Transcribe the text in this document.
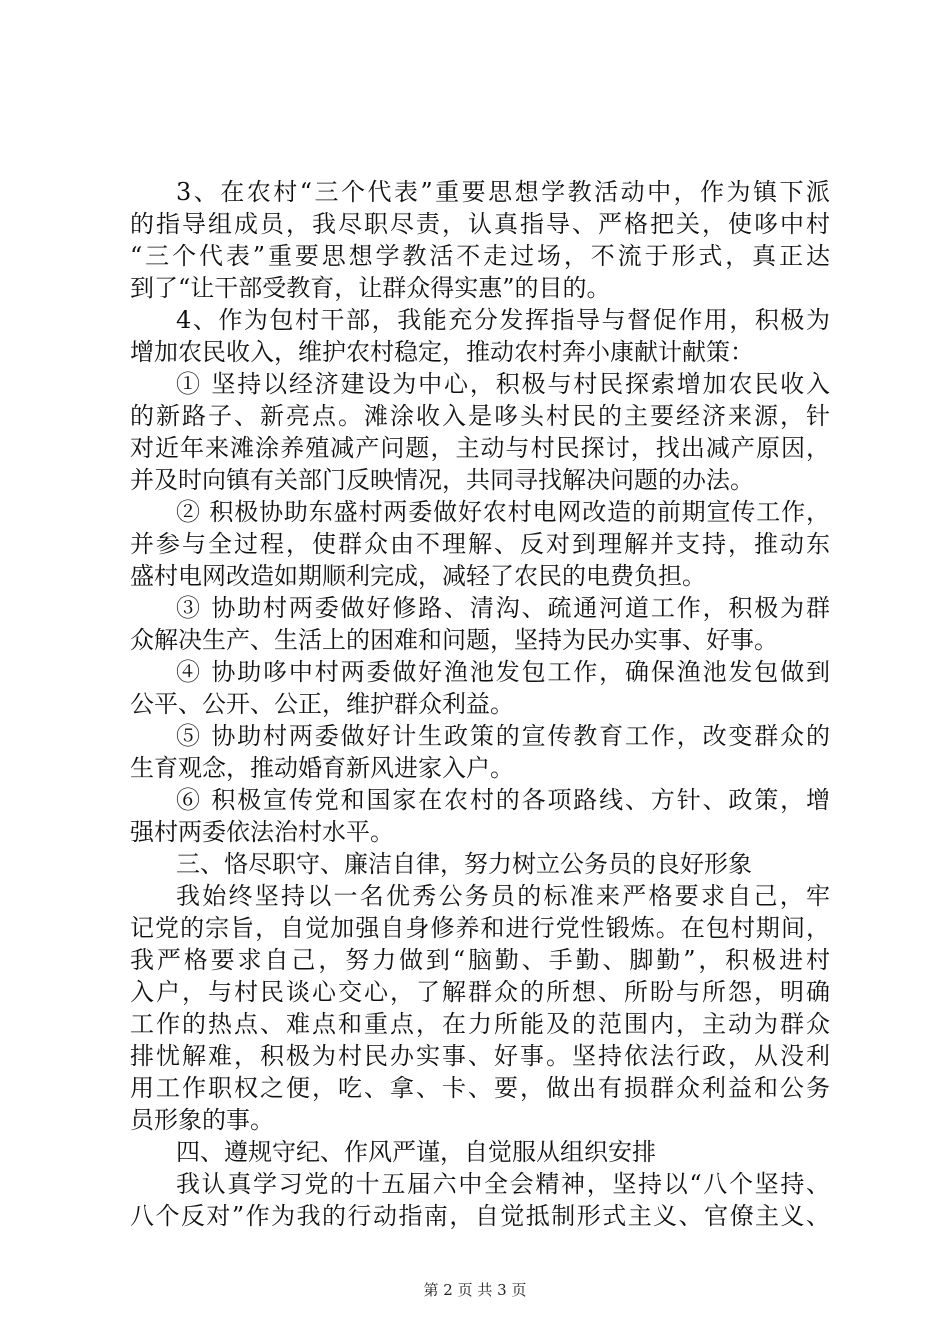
3、在农村“三个代表”重要思想学教活动中，作为镇下派
的指导组成员，我尽职尽责，认真指导、严格把关，使哆中村
“三个代表”重要思想学教活不走过场，不流于形式，真正达
到了“让干部受教育，让群众得实惠”的目的。
4、作为包村干部，我能充分发挥指导与督促作用，积极为
增加农民收入，维护农村稳定，推动农村奔小康献计献策：
① 坚持以经济建设为中心，积极与村民探索增加农民收入
的新路子、新亮点。滩涂收入是哆头村民的主要经济来源，针
对近年来滩涂养殖减产问题，主动与村民探讨，找出减产原因，
并及时向镇有关部门反映情况，共同寻找解决问题的办法。
② 积极协助东盛村两委做好农村电网改造的前期宣传工作，
并参与全过程，使群众由不理解、反对到理解并支持，推动东
盛村电网改造如期顺利完成，减轻了农民的电费负担。
③ 协助村两委做好修路、清沟、疏通河道工作，积极为群
众解决生产、生活上的困难和问题，坚持为民办实事、好事。
④ 协助哆中村两委做好渔池发包工作，确保渔池发包做到
公平、公开、公正，维护群众利益。
⑤ 协助村两委做好计生政策的宣传教育工作，改变群众的
生育观念，推动婚育新风进家入户。
⑥ 积极宣传党和国家在农村的各项路线、方针、政策，增
强村两委依法治村水平。
三、恪尽职守、廉洁自律，努力树立公务员的良好形象
我始终坚持以一名优秀公务员的标准来严格要求自己，牢
记党的宗旨，自觉加强自身修养和进行党性锻炼。在包村期间，
我严格要求自己，努力做到“脑勤、手勤、脚勤”，积极进村
入户，与村民谈心交心，了解群众的所想、所盼与所怨，明确
工作的热点、难点和重点，在力所能及的范围内，主动为群众
排忧解难，积极为村民办实事、好事。坚持依法行政，从没利
用工作职权之便，吃、拿、卡、要，做出有损群众利益和公务
员形象的事。
四、遵规守纪、作风严谨，自觉服从组织安排
我认真学习党的十五届六中全会精神，坚持以“八个坚持、
八个反对”作为我的行动指南，自觉抵制形式主义、官僚主义、
第 2 页 共 3 页
